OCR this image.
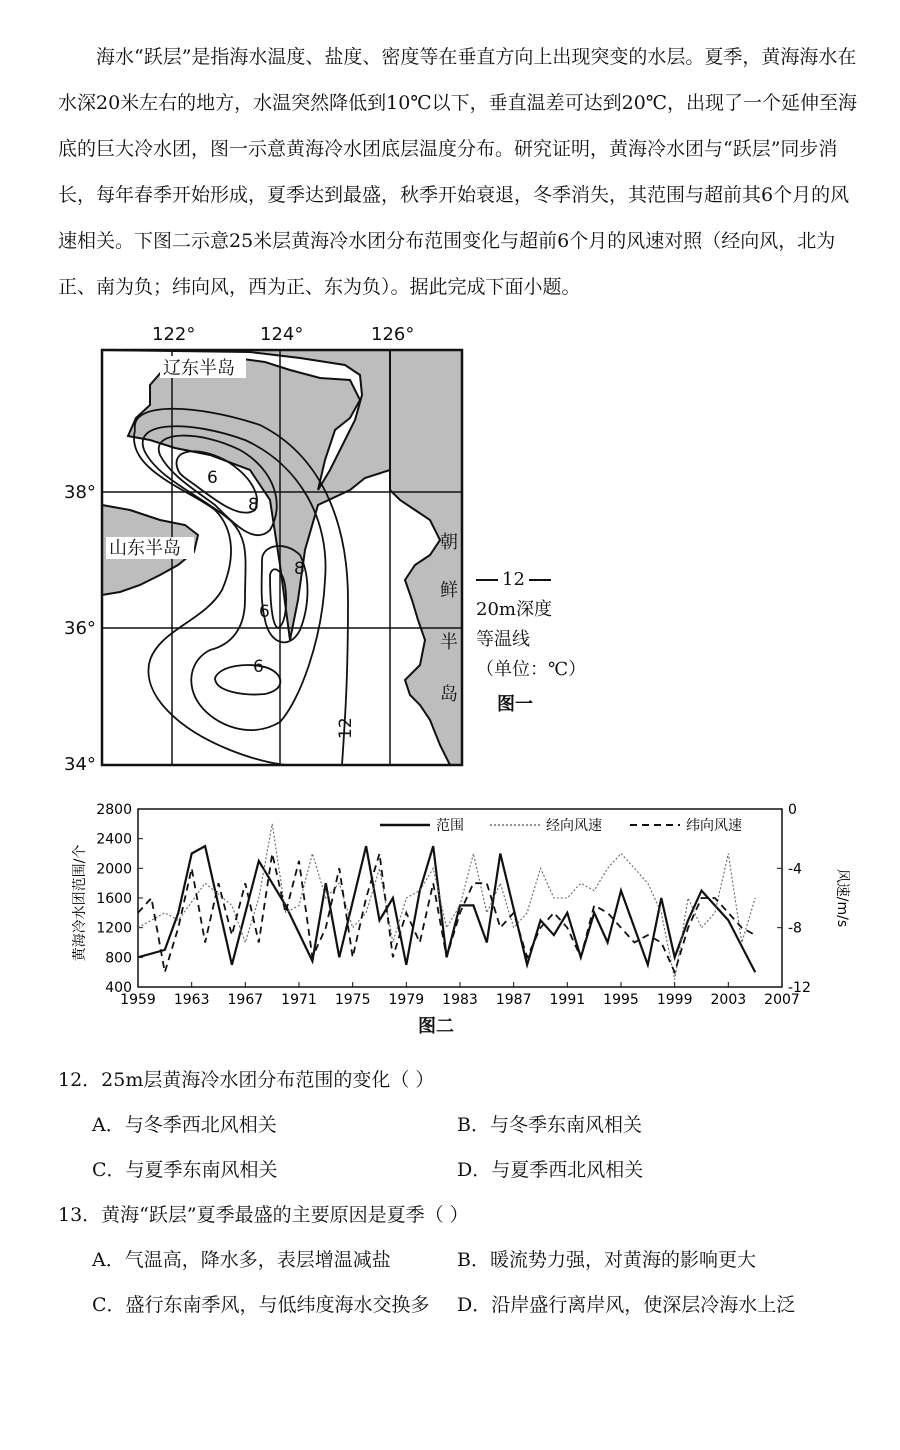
海水“跃层”是指海水温度、盐度、密度等在垂直方向上出现突变的水层。夏季，黄海海水在水深20米左右的地方，水温突然降低到10℃以下，垂直温差可达到20℃，出现了一个延伸至海底的巨大冷水团，图一示意黄海冷水团底层温度分布。研究证明，黄海冷水团与“跃层”同步消长，每年春季开始形成，夏季达到最盛，秋季开始衰退，冬季消失，其范围与超前其6个月的风速相关。下图二示意25米层黄海冷水团分布范围变化与超前6个月的风速对照（经向风，北为正、南为负；纬向风，西为正、东为负）。据此完成下面小题。

6
8
8
6
6
12
122°	124°	126°
38°
36°
34°
辽东半岛
山东半岛	朝
鲜
半
岛
12
20m深度
等温线
（单位：℃）
图一
2800
2400
2000
1600
1200
800
400
0
-4
-8
-12
1959 1963 1967 1971 1975 1979 1983 1987 1991 1995 1999 2003 2007
黄海冷水团范围/个	风速/m/s
范围	经向风速	纬向风速
图二
12．25m层黄海冷水团分布范围的变化（ ）
A．与冬季西北风相关	B．与冬季东南风相关
C．与夏季东南风相关	D．与夏季西北风相关
13．黄海“跃层”夏季最盛的主要原因是夏季（ ）
A．气温高，降水多，表层增温减盐	B．暖流势力强，对黄海的影响更大
C．盛行东南季风，与低纬度海水交换多 D．沿岸盛行离岸风，使深层冷海水上泛
